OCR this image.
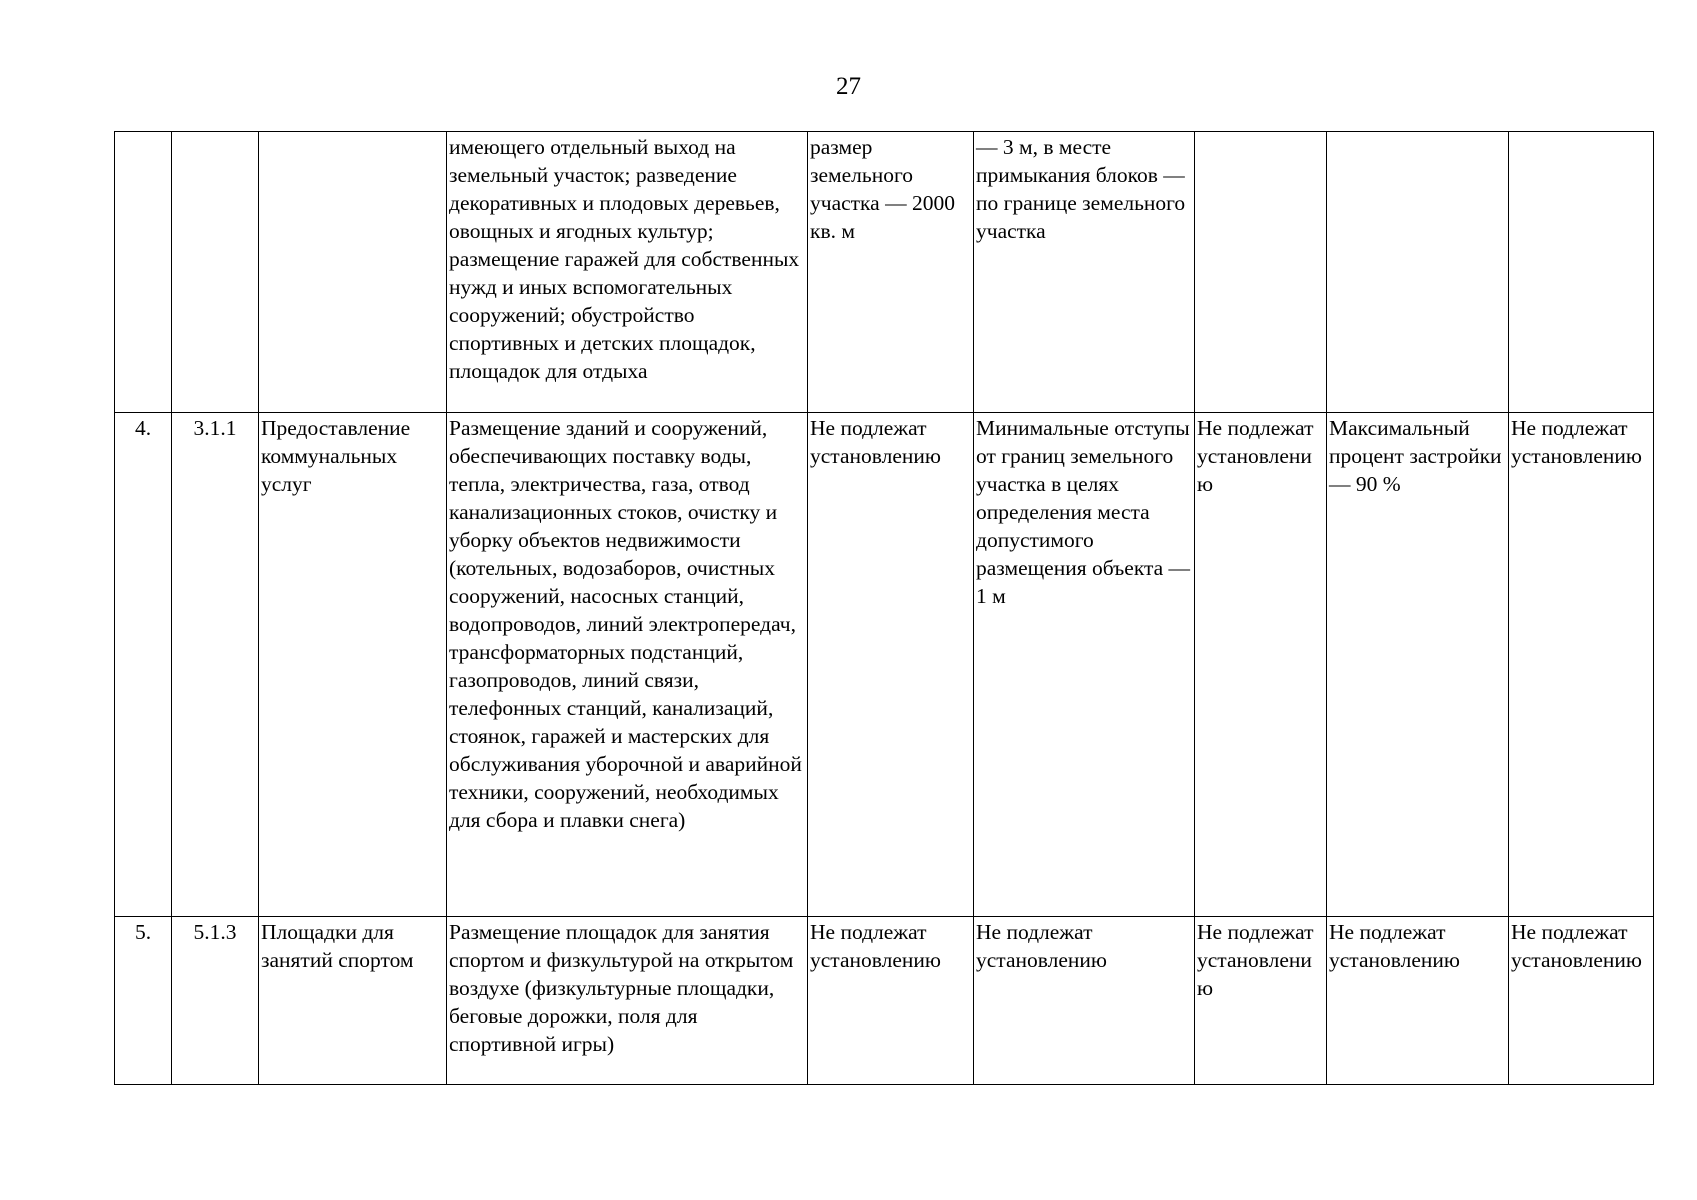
27
			имеющего отдельный выход на земельный участок; разведение декоративных и плодовых деревьев, овощных и ягодных культур; размещение гаражей для собственных нужд и иных вспомогательных сооружений; обустройство спортивных и детских площадок, площадок для отдыха	размер земельного участка — 2000 кв. м	— 3 м, в месте примыкания блоков — по границе земельного участка			
4.	3.1.1	Предоставление коммунальных услуг	Размещение зданий и сооружений, обеспечивающих поставку воды, тепла, электричества, газа, отвод канализационных стоков, очистку и уборку объектов недвижимости (котельных, водозаборов, очистных сооружений, насосных станций, водопроводов, линий электропередач, трансформаторных подстанций, газопроводов, линий связи, телефонных станций, канализаций, стоянок, гаражей и мастерских для обслуживания уборочной и аварийной техники, сооружений, необходимых для сбора и плавки снега)	Не подлежат установлению	Минимальные отступы от границ земельного участка в целях определения места допустимого размещения объекта — 1 м	Не подлежат установлению	Максимальный процент застройки — 90 %	Не подлежат установлению
5.	5.1.3	Площадки для занятий спортом	Размещение площадок для занятия спортом и физкультурой на открытом воздухе (физкультурные площадки, беговые дорожки, поля для спортивной игры)	Не подлежат установлению	Не подлежат установлению	Не подлежат установлению	Не подлежат установлению	Не подлежат установлению
